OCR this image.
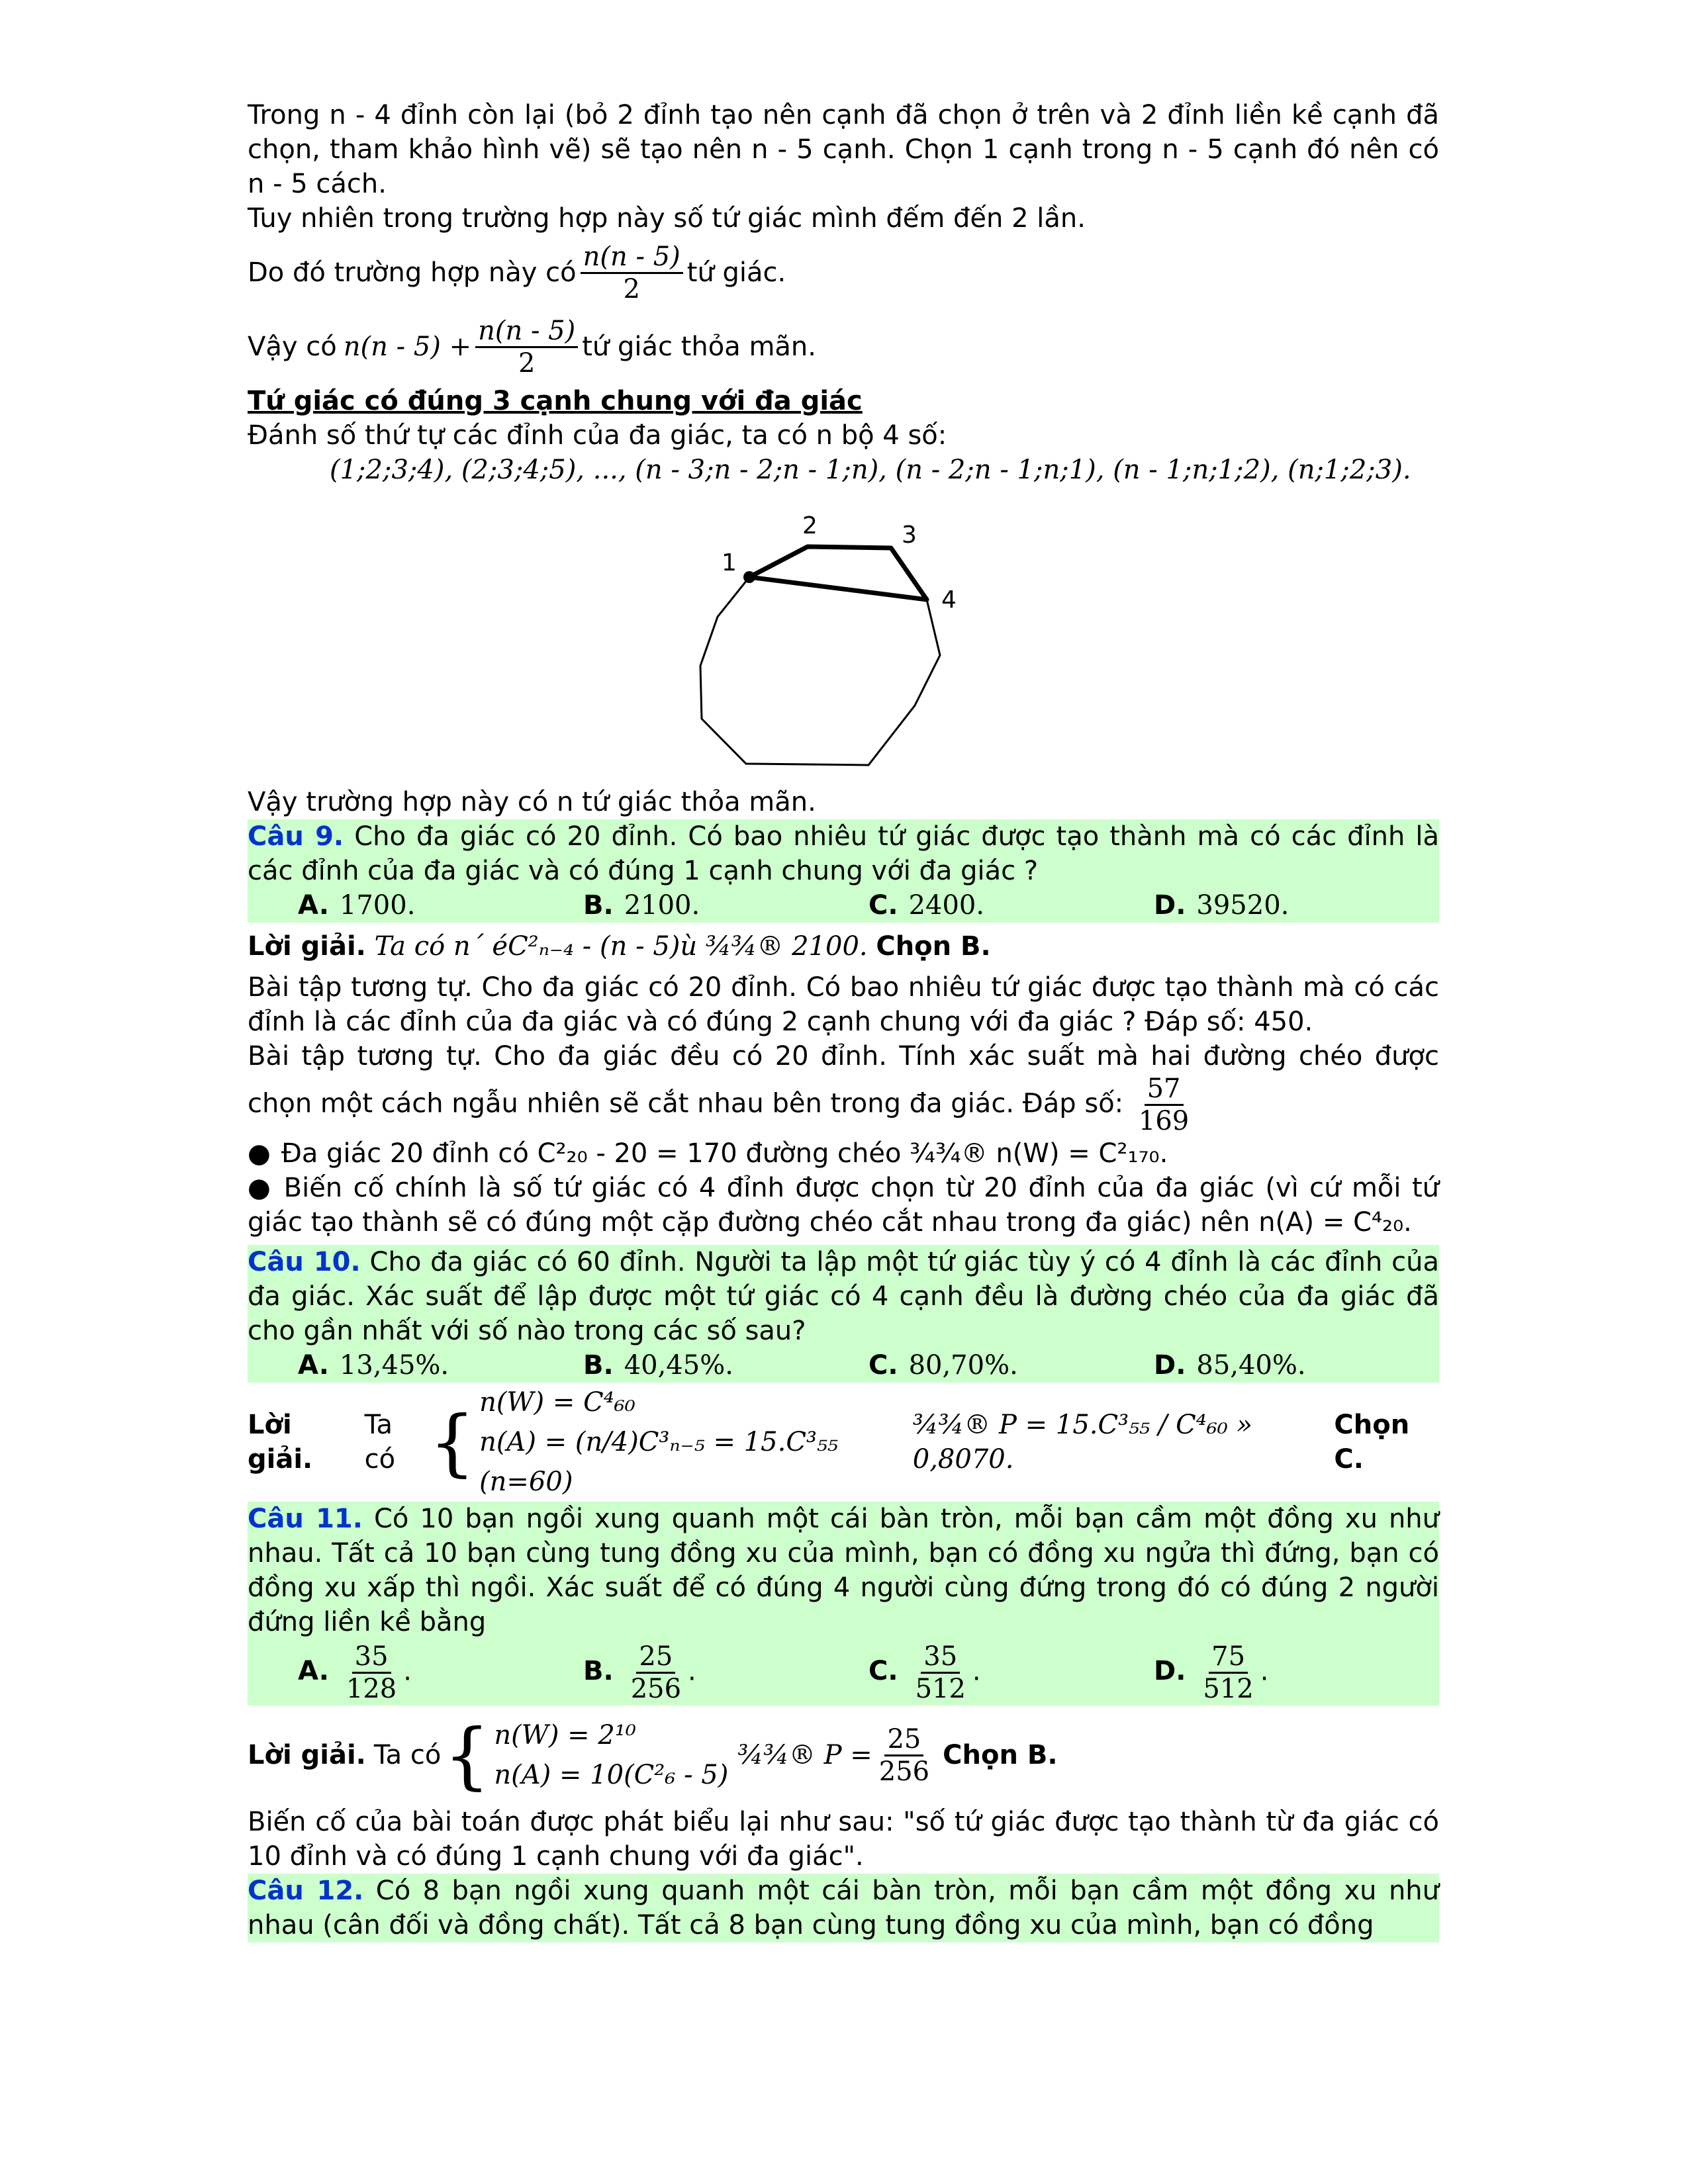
Trong n - 4 đỉnh còn lại (bỏ 2 đỉnh tạo nên cạnh đã chọn ở trên và 2 đỉnh liền kề cạnh đã chọn, tham khảo hình vẽ) sẽ tạo nên n - 5 cạnh. Chọn 1 cạnh trong n - 5 cạnh đó nên có n - 5 cách.

Tuy nhiên trong trường hợp này số tứ giác mình đếm đến 2 lần.

Do đó trường hợp này có $\frac{n(n - 5)}{2}$ tứ giác.
Vậy có $n(n - 5) + \frac{n(n - 5)}{2}$ tứ giác thỏa mãn.

Tứ giác có đúng 3 cạnh chung với đa giác

Đánh số thứ tự các đỉnh của đa giác, ta có n bộ 4 số:

(1;2;3;4), (2;3;4;5), ..., (n - 3;n - 2;n - 1;n), (n - 2;n - 1;n;1), (n - 1;n;1;2), (n;1;2;3).

1
2	3
4

Vậy trường hợp này có n tứ giác thỏa mãn.

Câu 9. Cho đa giác có 20 đỉnh. Có bao nhiêu tứ giác được tạo thành mà có các đỉnh là các đỉnh của đa giác và có đúng 1 cạnh chung với đa giác ?

A. 1700.	B. 2100.	C. 2400.	D. 39520.

Lời giải. Ta có n´ éC²ₙ₋₄ - (n - 5)ù ¾¾® 2100. Chọn B.

Bài tập tương tự. Cho đa giác có 20 đỉnh. Có bao nhiêu tứ giác được tạo thành mà có các đỉnh là các đỉnh của đa giác và có đúng 2 cạnh chung với đa giác ? Đáp số: 450.

Bài tập tương tự. Cho đa giác đều có 20 đỉnh. Tính xác suất mà hai đường chéo được chọn một cách ngẫu nhiên sẽ cắt nhau bên trong đa giác. Đáp số: $\frac{57}{169}$

● Đa giác 20 đỉnh có C²₂₀ - 20 = 170 đường chéo ¾¾® n(W) = C²₁₇₀.

● Biến cố chính là số tứ giác có 4 đỉnh được chọn từ 20 đỉnh của đa giác (vì cứ mỗi tứ giác tạo thành sẽ có đúng một cặp đường chéo cắt nhau trong đa giác) nên n(A) = C⁴₂₀.

Câu 10. Cho đa giác có 60 đỉnh. Người ta lập một tứ giác tùy ý có 4 đỉnh là các đỉnh của đa giác. Xác suất để lập được một tứ giác có 4 cạnh đều là đường chéo của đa giác đã cho gần nhất với số nào trong các số sau?

A. 13,45%.	B. 40,45%.	C. 80,70%.	D. 85,40%.
Lời giải.
Ta có { n(W) = C⁴₆₀
n(A) = (n/4)C³ₙ₋₅ = 15.C³₅₅ (n=60)
¾¾® P = 15.C³₅₅ / C⁴₆₀ » 0,8070.
Chọn C.

Câu 11. Có 10 bạn ngồi xung quanh một cái bàn tròn, mỗi bạn cầm một đồng xu như nhau. Tất cả 10 bạn cùng tung đồng xu của mình, bạn có đồng xu ngửa thì đứng, bạn có đồng xu xấp thì ngồi. Xác suất để có đúng 4 người cùng đứng trong đó có đúng 2 người đứng liền kề bằng

A. $\frac{35}{128}$ .	B. $\frac{25}{256}$ .	C. $\frac{35}{512}$ .	D. $\frac{75}{512}$ .
Lời giải. Ta có { n(W) = 2¹⁰
n(A) = 10(C²₆ - 5)
¾¾® $P = \frac{25}{256}$ Chọn B.

Biến cố của bài toán được phát biểu lại như sau: "số tứ giác được tạo thành từ đa giác có 10 đỉnh và có đúng 1 cạnh chung với đa giác".

Câu 12. Có 8 bạn ngồi xung quanh một cái bàn tròn, mỗi bạn cầm một đồng xu như nhau (cân đối và đồng chất). Tất cả 8 bạn cùng tung đồng xu của mình, bạn có đồng
